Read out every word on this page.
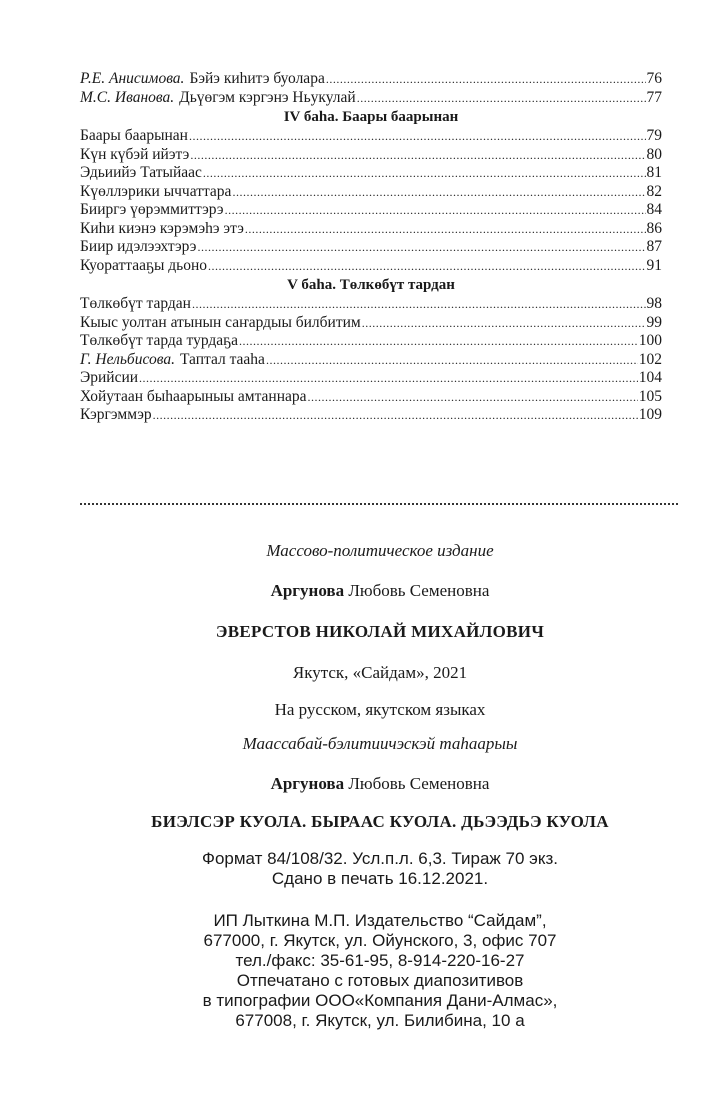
Р.Е. Анисимова. Бэйэ киһитэ буолара .....	76
М.С. Иванова. Дьүөгэм кэргэнэ Ньукулай .....	77
IV баһа. Баары баарынан
Баары баарынан .....	79
Күн күбэй ийэтэ .....	80
Эдьиийэ Татыйаас .....	81
Күөллэрики ыччаттара .....	82
Бииргэ үөрэммиттэрэ .....	84
Киһи киэнэ кэрэмэһэ этэ .....	86
Биир идэлээхтэрэ .....	87
Куораттааҕы дьоно .....	91
V баһа. Төлкөбүт тардан
Төлкөбүт тардан .....	98
Кыыс уолтан атынын саҥардыы билбитим .....	99
Төлкөбүт тарда турдаҕа .....	100
Г. Нельбисова. Таптал тааһа .....	102
Эрийсии .....	104
Хойутаан быһаарыныы амтаннара .....	105
Кэргэммэр .....	109
Массово-политическое издание
Аргунова Любовь Семеновна
ЭВЕРСТОВ НИКОЛАЙ МИХАЙЛОВИЧ
Якутск, «Сайдам», 2021
На русском, якутском языках
Маассабай-бэлитиичэскэй таһаарыы
Аргунова Любовь Семеновна
БИЭЛСЭР КУОЛА. БЫРААС КУОЛА. ДЬЭЭДЬЭ КУОЛА
Формат 84/108/32. Усл.п.л. 6,3. Тираж 70 экз.
Сдано в печать 16.12.2021.
ИП Лыткина М.П. Издательство “Сайдам”,
677000, г. Якутск, ул. Ойунского, 3, офис 707
тел./факс: 35-61-95, 8-914-220-16-27
Отпечатано с готовых диапозитивов
в типографии ООО«Компания Дани-Алмас»,
677008, г. Якутск, ул. Билибина, 10 а
